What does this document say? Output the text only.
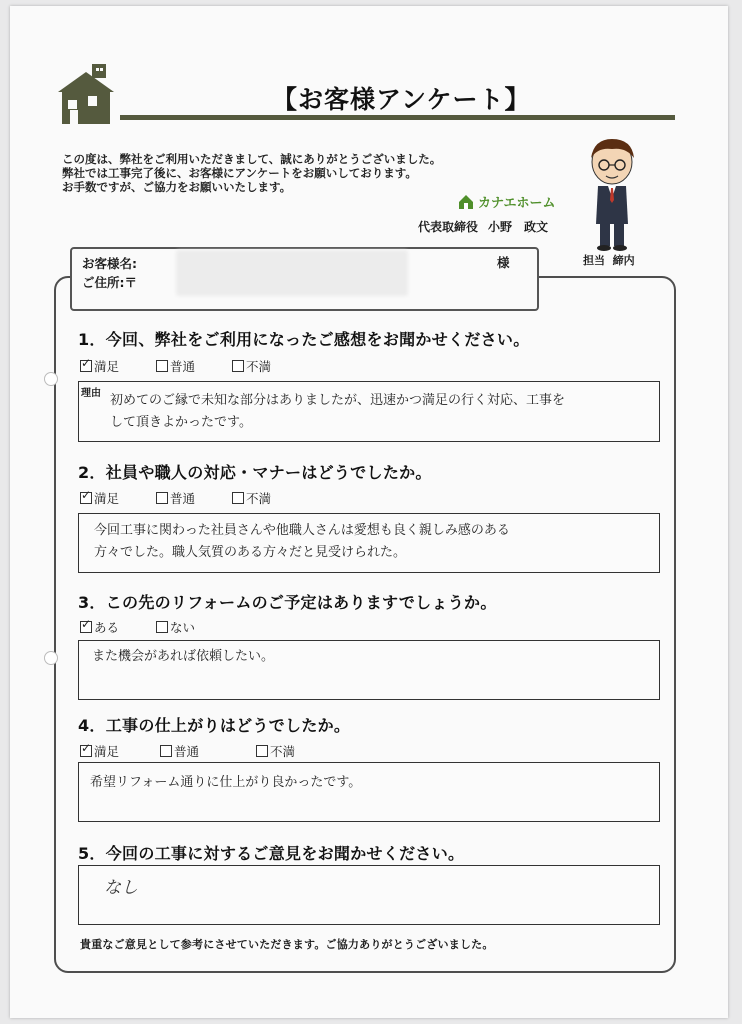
【お客様アンケート】
この度は、弊社をご利用いただきまして、誠にありがとうございました。
弊社では工事完了後に、お客様にアンケートをお願いしております。
お手数ですが、ご協力をお願いいたします。
カナエホーム
代表取締役 小野　政文
担当 締内
お客様名:
ご住所:〒
様
1．今回、弊社をご利用になったご感想をお聞かせください。
✓
満足	普通	不満
理由 初めてのご縁で未知な部分はありましたが、迅速かつ満足の行く対応、工事を
して頂きよかったです。
2．社員や職人の対応・マナーはどうでしたか。
✓
満足	普通	不満
今回工事に関わった社員さんや他職人さんは愛想も良く親しみ感のある
方々でした。職人気質のある方々だと見受けられた。
3．この先のリフォームのご予定はありますでしょうか。
✓
ある	ない
また機会があれば依頼したい。
4．工事の仕上がりはどうでしたか。
✓
満足	普通	不満
希望リフォーム通りに仕上がり良かったです。
5．今回の工事に対するご意見をお聞かせください。
なし
貴重なご意見として参考にさせていただきます。ご協力ありがとうございました。
